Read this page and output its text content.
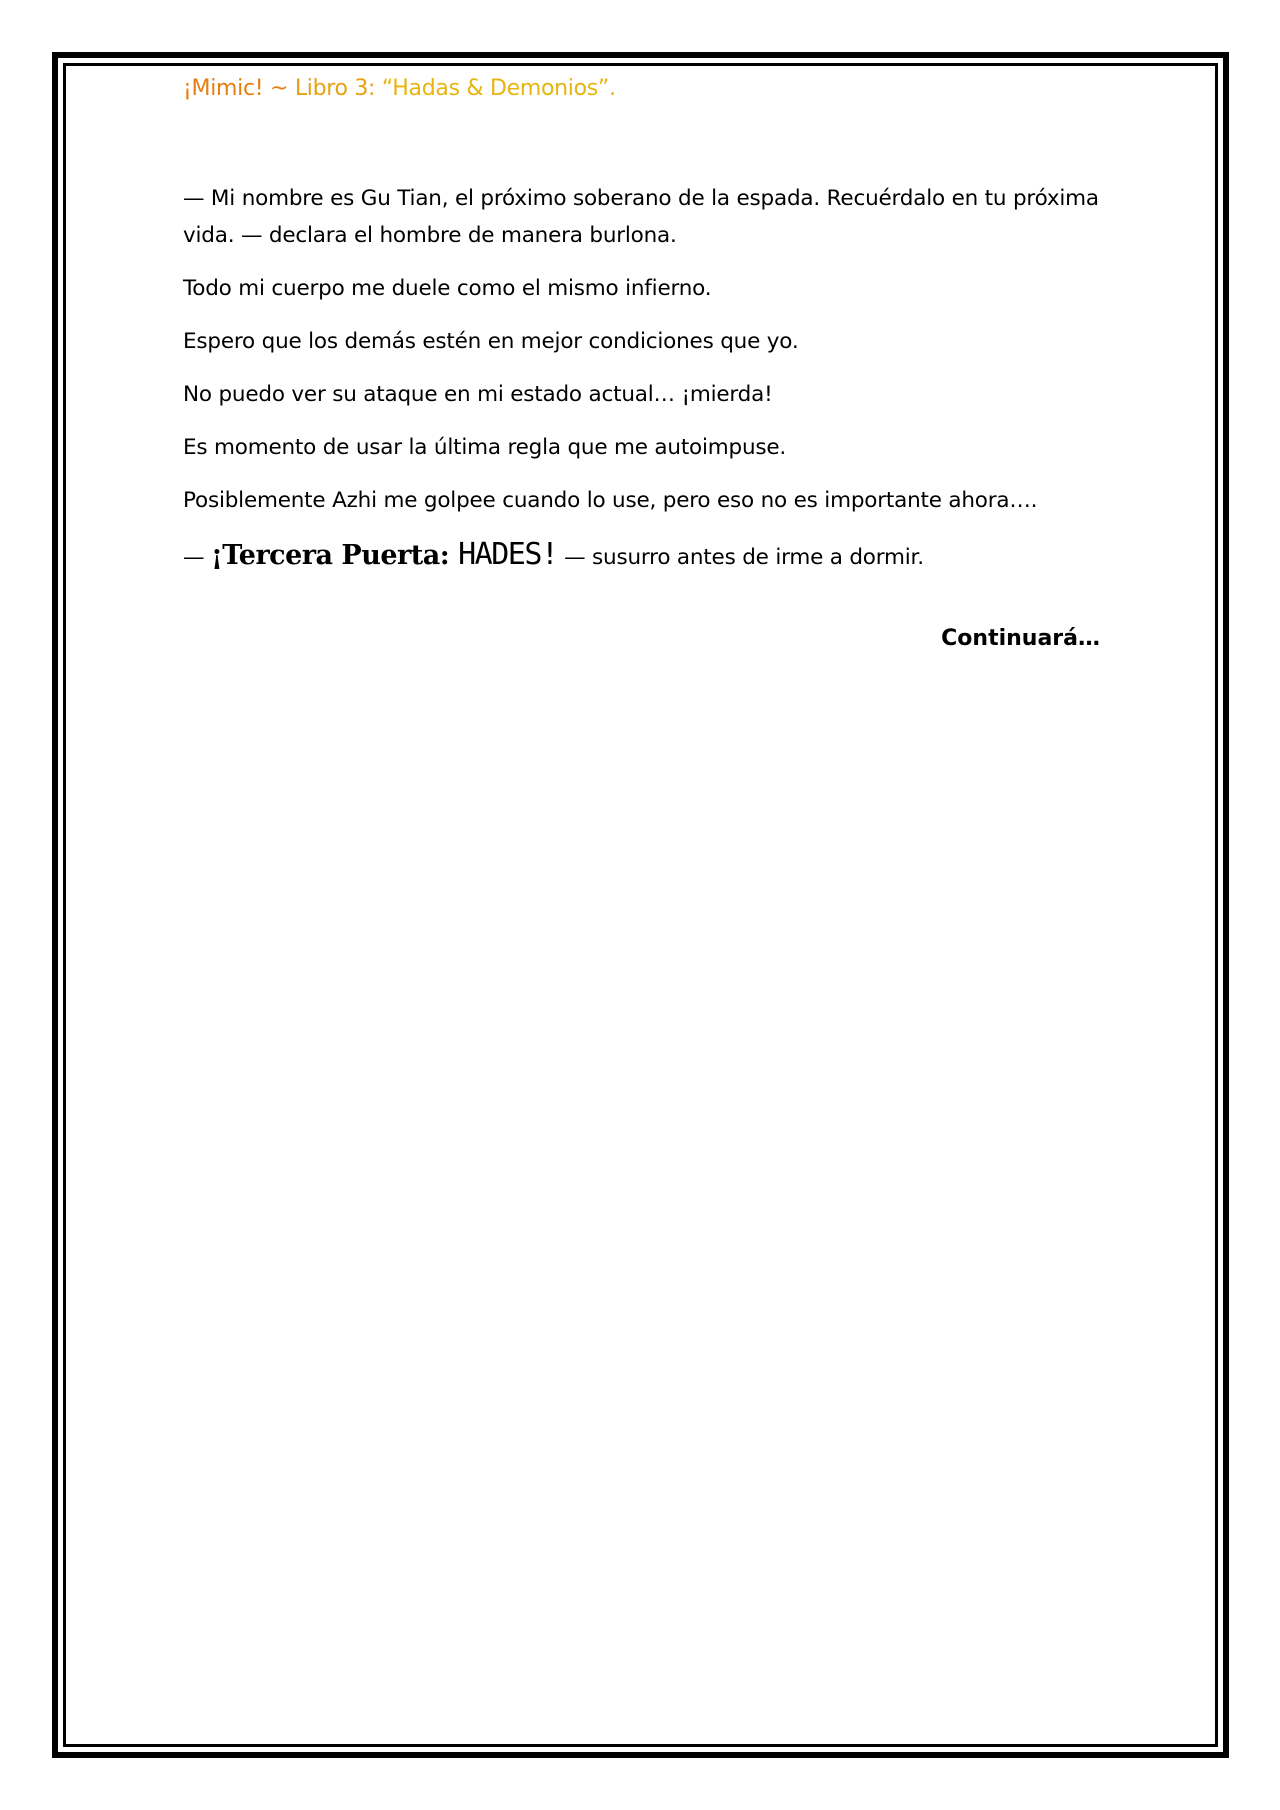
¡Mimic! ~ Libro 3: “Hadas & Demonios”.

— Mi nombre es Gu Tian, el próximo soberano de la espada. Recuérdalo en tu próxima vida. — declara el hombre de manera burlona.

Todo mi cuerpo me duele como el mismo infierno.

Espero que los demás estén en mejor condiciones que yo.

No puedo ver su ataque en mi estado actual… ¡mierda!

Es momento de usar la última regla que me autoimpuse.

Posiblemente Azhi me golpee cuando lo use, pero eso no es importante ahora….

— ¡Tercera Puerta: HADES! — susurro antes de irme a dormir.

Continuará…
